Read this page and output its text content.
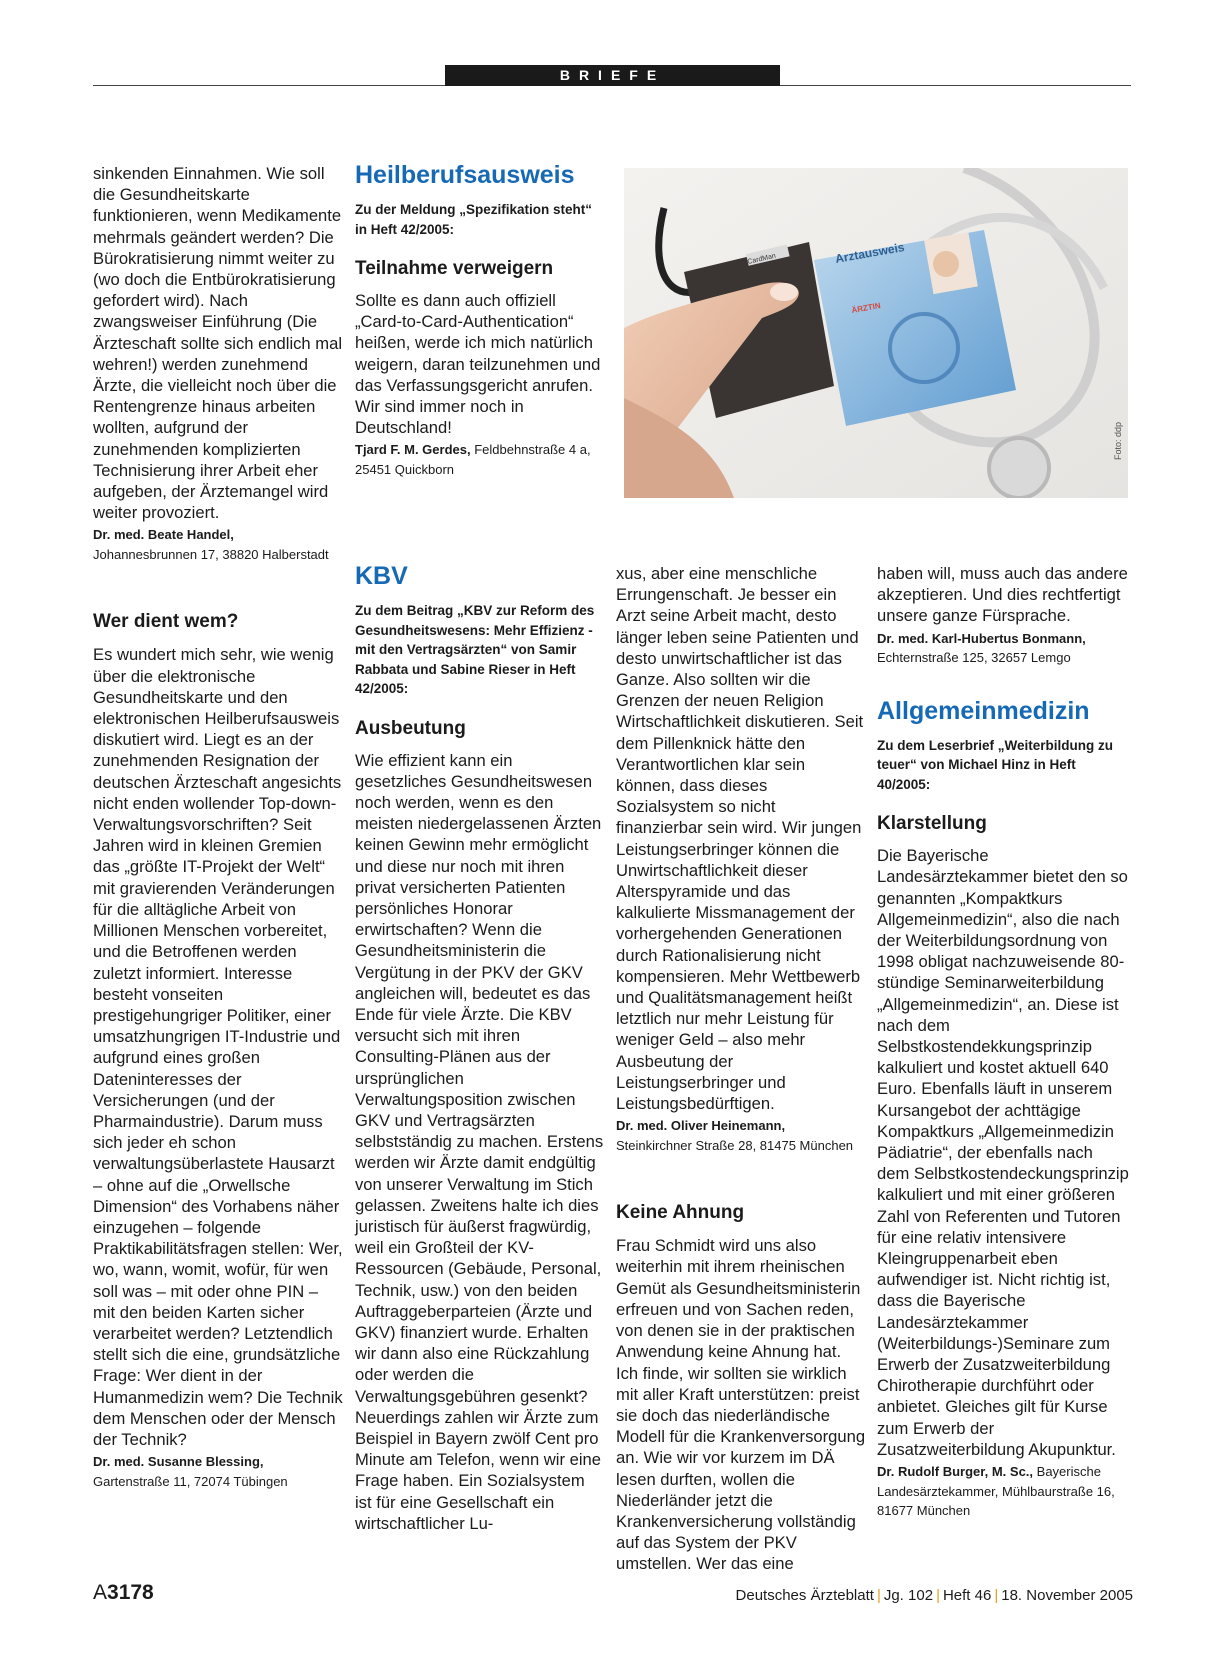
BRIEFE

sinkenden Einnahmen. Wie soll die Gesundheitskarte funktionieren, wenn Medikamente mehrmals geändert werden? Die Bürokratisierung nimmt weiter zu (wo doch die Entbürokratisierung gefordert wird). Nach zwangsweiser Einführung (Die Ärzteschaft sollte sich endlich mal wehren!) werden zunehmend Ärzte, die vielleicht noch über die Rentengrenze hinaus arbeiten wollten, aufgrund der zunehmenden komplizierten Technisierung ihrer Arbeit eher aufgeben, der Ärztemangel wird weiter provoziert.

Dr. med. Beate Handel,
Johannesbrunnen 17, 38820 Halberstadt

Wer dient wem?

Es wundert mich sehr, wie wenig über die elektronische Gesundheitskarte und den elektronischen Heilberufsausweis diskutiert wird. Liegt es an der zunehmenden Resignation der deutschen Ärzteschaft angesichts nicht enden wollender Top-down-Verwaltungsvorschriften? Seit Jahren wird in kleinen Gremien das „größte IT-Projekt der Welt“ mit gravierenden Veränderungen für die alltägliche Arbeit von Millionen Menschen vorbereitet, und die Betroffenen werden zuletzt informiert. Interesse besteht vonseiten prestigehungriger Politiker, einer umsatzhungrigen IT-Industrie und aufgrund eines großen Dateninteresses der Versicherungen (und der Pharmaindustrie). Darum muss sich jeder eh schon verwaltungsüberlastete Hausarzt – ohne auf die „Orwellsche Dimension“ des Vorhabens näher einzugehen – folgende Praktikabilitätsfragen stellen: Wer, wo, wann, womit, wofür, für wen soll was – mit oder ohne PIN – mit den beiden Karten sicher verarbeitet werden? Letztendlich stellt sich die eine, grundsätzliche Frage: Wer dient in der Humanmedizin wem? Die Technik dem Menschen oder der Mensch der Technik?

Dr. med. Susanne Blessing,
Gartenstraße 11, 72074 Tübingen

Heilberufsausweis

Zu der Meldung „Spezifikation steht“ in Heft 42/2005:

Teilnahme verweigern

Sollte es dann auch offiziell „Card-to-Card-Authentication“ heißen, werde ich mich natürlich weigern, daran teilzunehmen und das Verfassungsgericht anrufen. Wir sind immer noch in Deutschland!

Tjard F. M. Gerdes, Feldbehnstraße 4 a, 25451 Quickborn

KBV

Zu dem Beitrag „KBV zur Reform des Gesundheitswesens: Mehr Effizienz - mit den Vertragsärzten“ von Samir Rabbata und Sabine Rieser in Heft 42/2005:

Ausbeutung

Wie effizient kann ein gesetzliches Gesundheitswesen noch werden, wenn es den meisten niedergelassenen Ärzten keinen Gewinn mehr ermöglicht und diese nur noch mit ihren privat versicherten Patienten persönliches Honorar erwirtschaften? Wenn die Gesundheitsministerin die Vergütung in der PKV der GKV angleichen will, bedeutet es das Ende für viele Ärzte. Die KBV versucht sich mit ihren Consulting-Plänen aus der ursprünglichen Verwaltungsposition zwischen GKV und Vertragsärzten selbstständig zu machen. Erstens werden wir Ärzte damit endgültig von unserer Verwaltung im Stich gelassen. Zweitens halte ich dies juristisch für äußerst fragwürdig, weil ein Großteil der KV-Ressourcen (Gebäude, Personal, Technik, usw.) von den beiden Auftraggeberparteien (Ärzte und GKV) finanziert wurde. Erhalten wir dann also eine Rückzahlung oder werden die Verwaltungsgebühren gesenkt? Neuerdings zahlen wir Ärzte zum Beispiel in Bayern zwölf Cent pro Minute am Telefon, wenn wir eine Frage haben. Ein Sozialsystem ist für eine Gesellschaft ein wirtschaftlicher Lu-

Arztausweis
ÄRZTIN
CardMan
Foto: ddp

xus, aber eine menschliche Errungenschaft. Je besser ein Arzt seine Arbeit macht, desto länger leben seine Patienten und desto unwirtschaftlicher ist das Ganze. Also sollten wir die Grenzen der neuen Religion Wirtschaftlichkeit diskutieren. Seit dem Pillenknick hätte den Verantwortlichen klar sein können, dass dieses Sozialsystem so nicht finanzierbar sein wird. Wir jungen Leistungserbringer können die Unwirtschaftlichkeit dieser Alterspyramide und das kalkulierte Missmanagement der vorhergehenden Generationen durch Rationalisierung nicht kompensieren. Mehr Wettbewerb und Qualitätsmanagement heißt letztlich nur mehr Leistung für weniger Geld – also mehr Ausbeutung der Leistungserbringer und Leistungsbedürftigen.

Dr. med. Oliver Heinemann,
Steinkirchner Straße 28, 81475 München

Keine Ahnung

Frau Schmidt wird uns also weiterhin mit ihrem rheinischen Gemüt als Gesundheitsministerin erfreuen und von Sachen reden, von denen sie in der praktischen Anwendung keine Ahnung hat. Ich finde, wir sollten sie wirklich mit aller Kraft unterstützen: preist sie doch das niederländische Modell für die Krankenversorgung an. Wie wir vor kurzem im DÄ lesen durften, wollen die Niederländer jetzt die Krankenversicherung vollständig auf das System der PKV umstellen. Wer das eine

haben will, muss auch das andere akzeptieren. Und dies rechtfertigt unsere ganze Fürsprache.

Dr. med. Karl-Hubertus Bonmann,
Echternstraße 125, 32657 Lemgo

Allgemeinmedizin

Zu dem Leserbrief „Weiterbildung zu teuer“ von Michael Hinz in Heft 40/2005:

Klarstellung

Die Bayerische Landesärztekammer bietet den so genannten „Kompaktkurs Allgemeinmedizin“, also die nach der Weiterbildungsordnung von 1998 obligat nachzuweisende 80-stündige Seminarweiterbildung „Allgemeinmedizin“, an. Diese ist nach dem Selbstkostendekkungsprinzip kalkuliert und kostet aktuell 640 Euro. Ebenfalls läuft in unserem Kursangebot der achttägige Kompaktkurs „Allgemeinmedizin Pädiatrie“, der ebenfalls nach dem Selbstkostendeckungsprinzip kalkuliert und mit einer größeren Zahl von Referenten und Tutoren für eine relativ intensivere Kleingruppenarbeit eben aufwendiger ist. Nicht richtig ist, dass die Bayerische Landesärztekammer (Weiterbildungs-)Seminare zum Erwerb der Zusatzweiterbildung Chirotherapie durchführt oder anbietet. Gleiches gilt für Kurse zum Erwerb der Zusatzweiterbildung Akupunktur.

Dr. Rudolf Burger, M. Sc., Bayerische Landesärztekammer, Mühlbaurstraße 16, 81677 München

A3178	Deutsches Ärzteblatt | Jg. 102 | Heft 46 | 18. November 2005
